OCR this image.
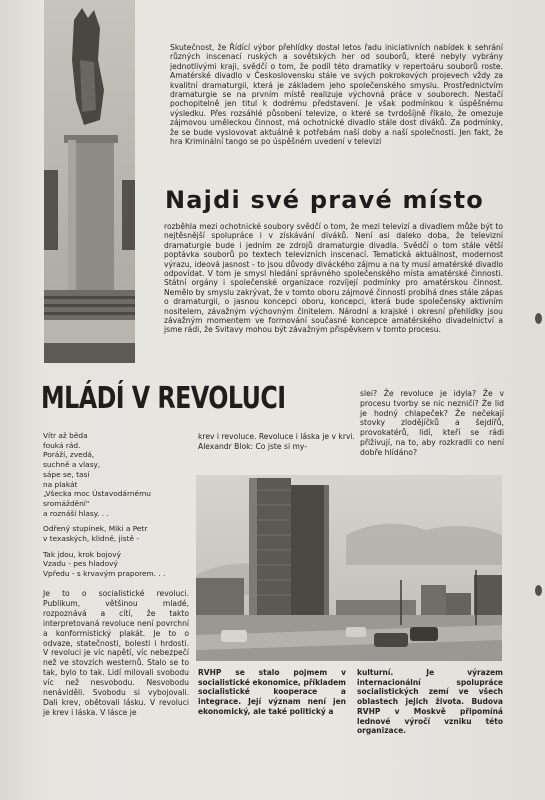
Skutečnost, že Řídící výbor přehlídky dostal letos řadu iniciativních nabídek k sehrání různých inscenací ruských a sovětských her od souborů, které nebyly vybrány jednotlivými kraji, svědčí o tom, že podíl této dramatiky v repertoáru souborů roste. Amatérské divadlo v Československu stále ve svých pokrokových projevech vždy za kvalitní dramaturgii, která je základem jeho společenského smyslu. Prostřednictvím dramaturgie se na prvním místě realizuje výchovná práce v souborech. Nestačí pochopitelně jen titul k dodrému představení. Je však podmínkou k úspěšnému výsledku. Přes rozsáhlé působení televize, o které se tvrdošíjně říkalo, že omezuje zájmovou uměleckou činnost, má ochotnické divadlo stále dost diváků. Za podmínky, že se bude vyslovovat aktuálně k potřebám naší doby a naší společnosti. Jen fakt, že hra Kriminální tango se po úspěšném uvedení v televizi

Najdi své pravé místo

rozběhla mezi ochotnické soubory svědčí o tom, že mezi televizí a divadlem může být to nejtěsnější spolupráce i v získávání diváků. Není asi daleko doba, že televizní dramaturgie bude i jedním ze zdrojů dramaturgie divadla. Svědčí o tom stále větší poptávka souborů po textech televizních inscenací. Tematická aktuálnost, modernost výrazu, ideová jasnost - to jsou důvody diváckého zájmu a na ty musí amatérské divadlo odpovídat. V tom je smysl hledání správného společenského místa amatérské činnosti. Státní orgány i společenské organizace rozvíjejí podmínky pro amatérskou činnost. Nemělo by smyslu zakrývat, že v tomto oboru zájmové činnosti probíhá dnes stále zápas o dramaturgii, o jasnou koncepci oboru, koncepci, která bude společensky aktivním nositelem, závažným výchovným činitelem. Národní a krajské i okresní přehlídky jsou závažným momentem ve formování současné koncepce amatérského divadelnictví a jsme rádi, že Svitavy mohou být závažným přispěvkem v tomto procesu.

MLÁDÍ V REVOLUCI	slei? Že revoluce je idyla? Že v procesu tvorby se nic nezničí? Že lid je hodný chlapeček? Že nečekají stovky zlodějíčků a šejdířů, provokatérů, lidí, kteří se rádi přiživují, na to, aby rozkradli co není dobře hlídáno?

Vítr až běda

fouká rád.

Poráží, zvedá,

suchně a vlasy,

sápe se, tasí

na plakát

„Všecka moc Ústavodárnému

sromáždění"

a roznáší hlasy. . .

Odřený stupínek, Miki a Petr

v texaských, klidně, jistě -

Tak jdou, krok bojový

Vzadu - pes hladový

Vpředu - s krvavým praporem. . .

krev i revoluce. Revoluce i láska je v krvi.

Alexandr Blok: Co jste si my-

Je to o socialistické revoluci. Publikum, většinou mladé, rozpoznává a cítí, že takto interpretovaná revoluce není povrchní a konformistický plakát. Je to o odvaze, statečnosti, bolesti i hrdosti. V revoluci je víc napětí, víc nebezpečí než ve stovzích westernů. Stalo se to tak, bylo to tak. Lidí milovali svobodu víc než nesvobodu. Nesvobodu nenáviděli. Svobodu si vybojovali. Dali krev, obětovali lásku. V revoluci je krev i láska. V lásce je

RVHP se stalo pojmem v socialistické ekonomice, příkladem socialistické kooperace a integrace. Její význam není jen ekonomický, ale také politický a

kulturní. Je výrazem internacionální spolupráce socialistických zemí ve všech oblastech jejich života. Budova RVHP v Moskvě připomíná lednové výročí vzniku této organizace.
